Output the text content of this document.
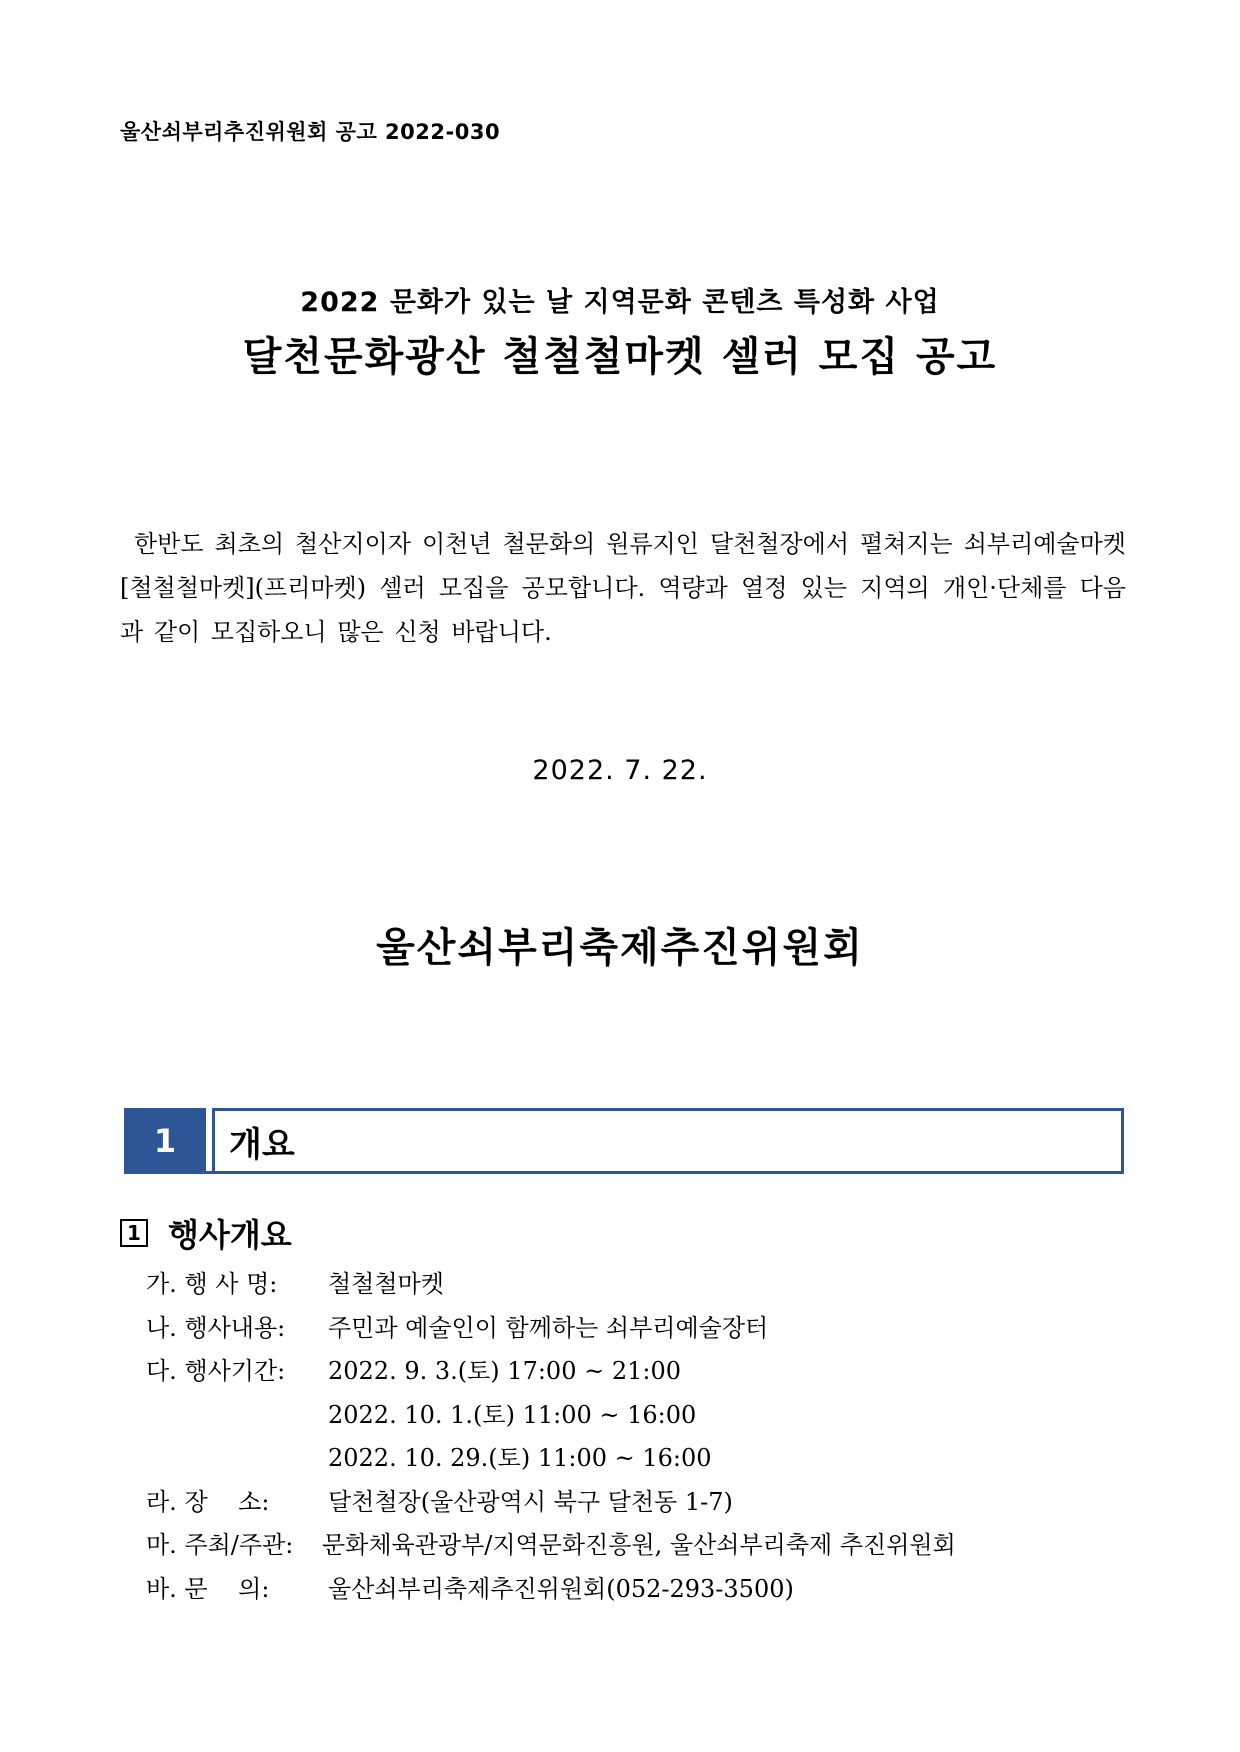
울산쇠부리추진위원회 공고 2022-030
2022 문화가 있는 날 지역문화 콘텐츠 특성화 사업
달천문화광산 철철철마켓 셀러 모집 공고
한반도 최초의 철산지이자 이천년 철문화의 원류지인 달천철장에서 펼쳐지는 쇠부리예술마켓 [철철철마켓](프리마켓) 셀러 모집을 공모합니다. 역량과 열정 있는 지역의 개인·단체를 다음과 같이 모집하오니 많은 신청 바랍니다.
2022. 7. 22.
울산쇠부리축제추진위원회
1	개요
1 행사개요
가. 행 사 명:	철철철마켓
나. 행사내용:	주민과 예술인이 함께하는 쇠부리예술장터
다. 행사기간:	2022. 9. 3.(토) 17:00 ~ 21:00
2022. 10. 1.(토) 11:00 ~ 16:00
2022. 10. 29.(토) 11:00 ~ 16:00
라. 장    소:	달천철장(울산광역시 북구 달천동 1-7)
마. 주최/주관:	문화체육관광부/지역문화진흥원, 울산쇠부리축제 추진위원회
바. 문    의:	울산쇠부리축제추진위원회(052-293-3500)
